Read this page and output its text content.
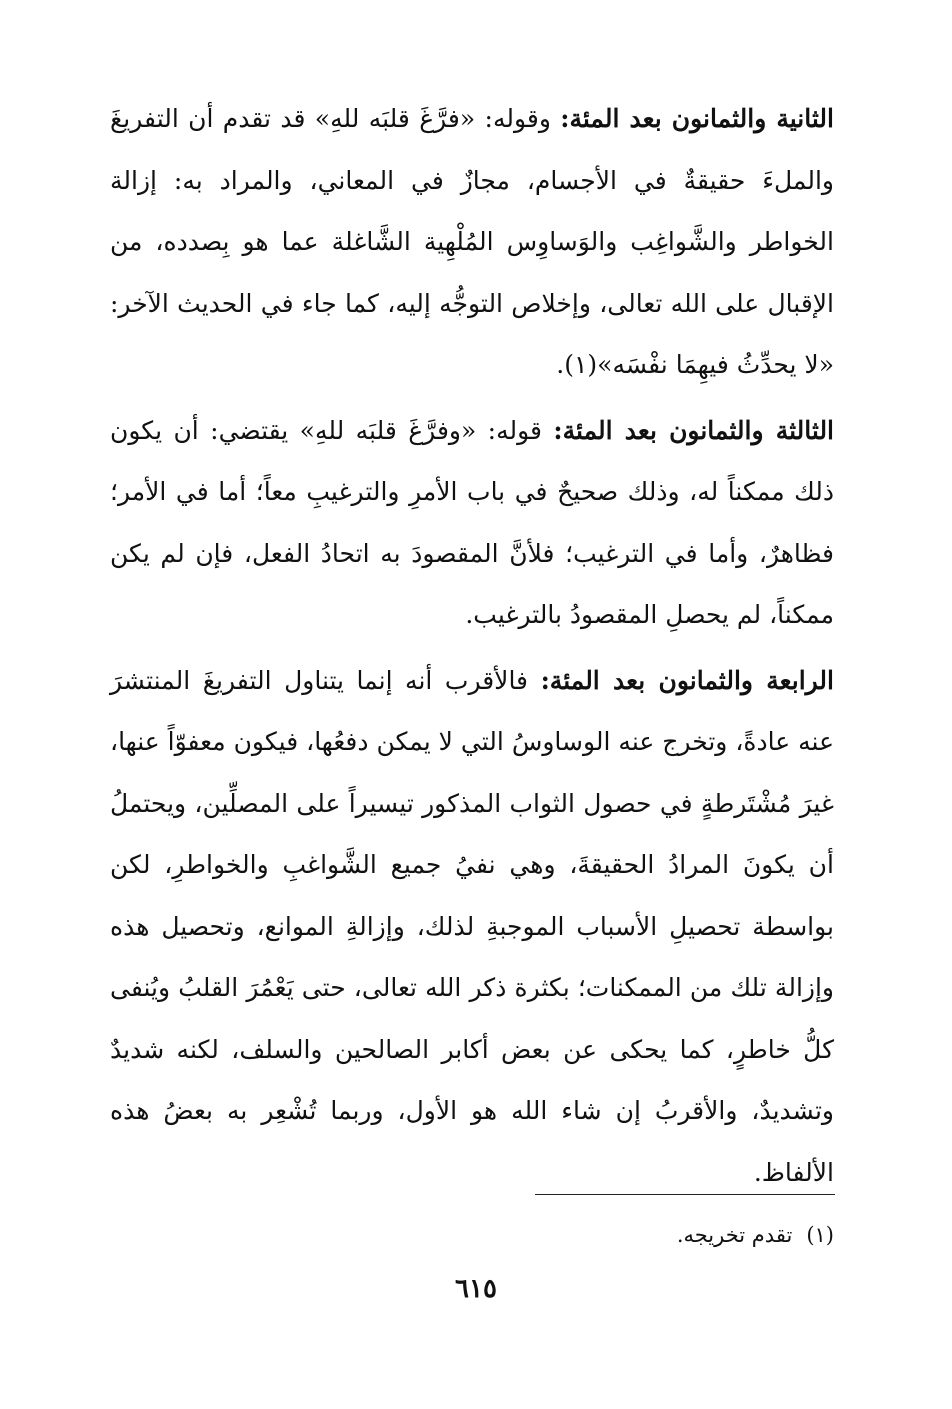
الثانية والثمانون بعد المئة: وقوله: «فرَّغَ قلبَه للهِ» قد تقدم أن التفريغَ والملءَ حقيقةٌ في الأجسام، مجازٌ في المعاني، والمراد به: إزالة الخواطر والشَّواغِب والوَساوِس المُلْهِية الشَّاغلة عما هو بِصدده، من الإقبال على الله تعالى، وإخلاص التوجُّه إليه، كما جاء في الحديث الآخر: «لا يحدِّثُ فيهِمَا نفْسَه»(١).

الثالثة والثمانون بعد المئة: قوله: «وفرَّغَ قلبَه للهِ» يقتضي: أن يكون ذلك ممكناً له، وذلك صحيحٌ في باب الأمرِ والترغيبِ معاً؛ أما في الأمر؛ فظاهرٌ، وأما في الترغيب؛ فلأنَّ المقصودَ به اتحادُ الفعل، فإن لم يكن ممكناً، لم يحصلِ المقصودُ بالترغيب.

الرابعة والثمانون بعد المئة: فالأقرب أنه إنما يتناول التفريغَ المنتشرَ عنه عادةً، وتخرج عنه الوساوسُ التي لا يمكن دفعُها، فيكون معفوّاً عنها، غيرَ مُشْتَرطةٍ في حصول الثواب المذكور تيسيراً على المصلِّين، ويحتملُ أن يكونَ المرادُ الحقيقةَ، وهي نفيُ جميع الشَّواغبِ والخواطرِ، لكن بواسطة تحصيلِ الأسباب الموجبةِ لذلك، وإزالةِ الموانع، وتحصيل هذه وإزالة تلك من الممكنات؛ بكثرة ذكر الله تعالى، حتى يَعْمُرَ القلبُ ويُنفى كلُّ خاطرٍ، كما يحكى عن بعض أكابر الصالحين والسلف، لكنه شديدٌ وتشديدٌ، والأقربُ إن شاء الله هو الأول، وربما تُشْعِر به بعضُ هذه الألفاظ.

(١)تقدم تخريجه.
٦١٥
